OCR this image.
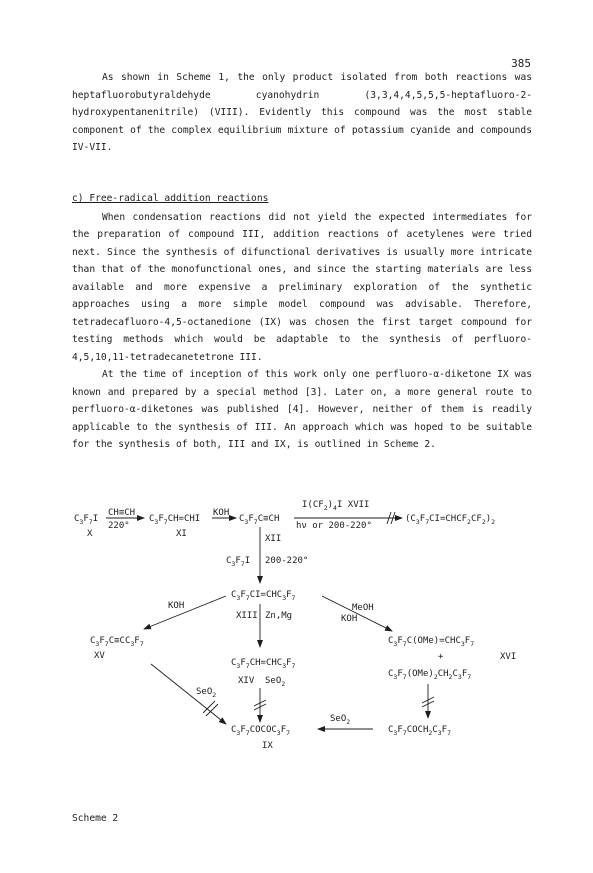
385

As shown in Scheme 1, the only product isolated from both reactions was heptafluorobutyraldehyde cyanohydrin (3,3,4,4,5,5,5-heptafluoro-2-hydroxypentanenitrile) (VIII). Evidently this compound was the most stable component of the complex equilibrium mixture of potassium cyanide and compounds IV-VII.

c) Free-radical addition reactions

When condensation reactions did not yield the expected intermediates for the preparation of compound III, addition reactions of acetylenes were tried next. Since the synthesis of difunctional derivatives is usually more intricate than that of the monofunctional ones, and since the starting materials are less available and more expensive a preliminary exploration of the synthetic approaches using a more simple model compound was advisable. Therefore, tetradecafluoro-4,5-octanedione (IX) was chosen the first target compound for testing methods which would be adaptable to the synthesis of perfluoro-4,5,10,11-tetradecanetetrone III.

At the time of inception of this work only one perfluoro-α-diketone IX was known and prepared by a special method [3]. Later on, a more general route to perfluoro-α-diketones was published [4]. However, neither of them is readily applicable to the synthesis of III. An approach which was hoped to be suitable for the synthesis of both, III and IX, is outlined in Scheme 2.

$C_3F_7I$
X
CH≡CH
220°
$C_3F_7CH=CHI$
XI
KOH
$C_3F_7C\equiv CH$
$I(CF_2)_4I$ XVII
hν or 200-220°
$(C_3F_7CI=CHCF_2CF_2)_2$
XII
$C_3F_7I$ 200-220°
$C_3F_7CI=CHC_3F_7$
XIII Zn,Mg
KOH	MeOH
KOH
$C_3F_7C\equiv CC_3F_7$
XV
$C_3F_7CH=CHC_3F_7$
XIV SeO$_2$
$C_3F_7C(OMe)=CHC_3F_7$
+	XVI
$C_3F_7(OMe)_2CH_2C_3F_7$
SeO$_2$
SeO$_2$
$C_3F_7COCOC_3F_7$
IX
$C_3F_7COCH_2C_3F_7$
Scheme 2
